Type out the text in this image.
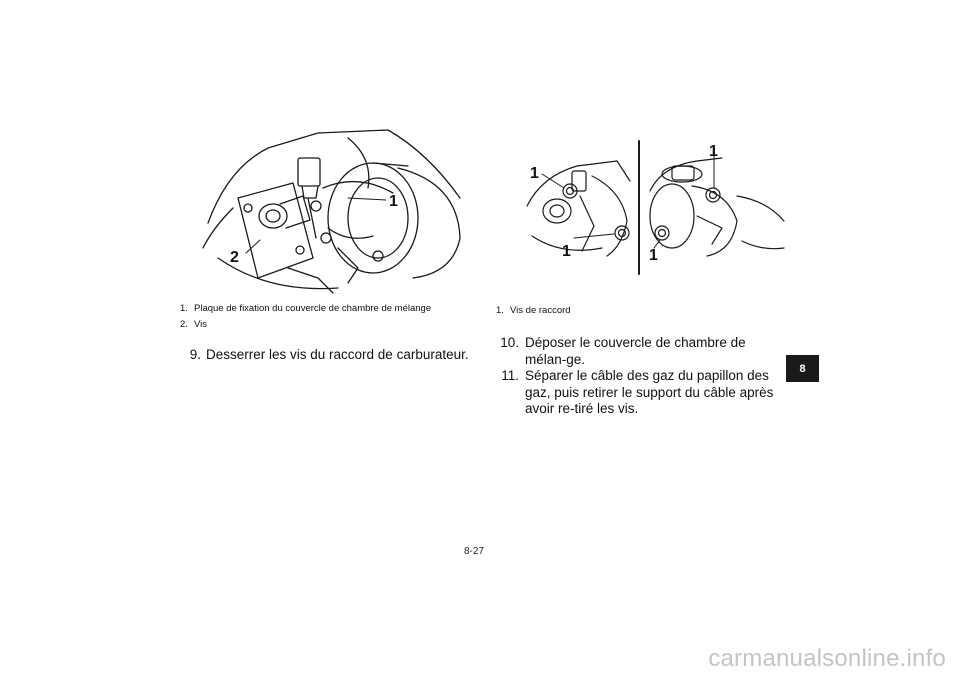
1
2
1. Plaque de fixation du couvercle de chambre de mélange
2. Vis
9. Desserrer les vis du raccord de carburateur.
1
1
1
1
1. Vis de raccord
10. Déposer le couvercle de chambre de mélan-ge.
11. Séparer le câble des gaz du papillon des gaz, puis retirer le support du câble après avoir re-tiré les vis.
8
8-27
carmanualsonline.info
